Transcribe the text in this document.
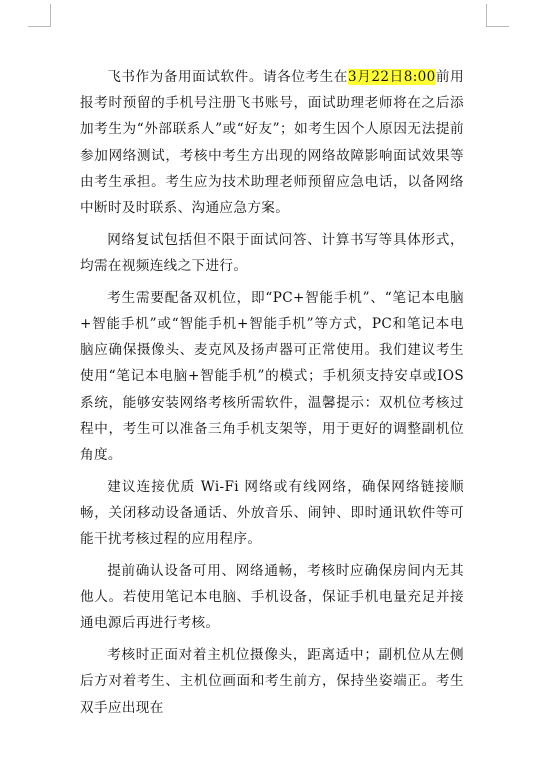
飞书作为备用面试软件。请各位考生在3月22日8:00前用报考时预留的手机号注册飞书账号，面试助理老师将在之后添加考生为“外部联系人”或“好友”；如考生因个人原因无法提前参加网络测试，考核中考生方出现的网络故障影响面试效果等由考生承担。考生应为技术助理老师预留应急电话，以备网络中断时及时联系、沟通应急方案。

网络复试包括但不限于面试问答、计算书写等具体形式，均需在视频连线之下进行。

考生需要配备双机位，即“PC+智能手机”、“笔记本电脑+智能手机”或“智能手机+智能手机”等方式，PC和笔记本电脑应确保摄像头、麦克风及扬声器可正常使用。我们建议考生使用“笔记本电脑+智能手机”的模式；手机须支持安卓或IOS系统，能够安装网络考核所需软件，温馨提示：双机位考核过程中，考生可以准备三角手机支架等，用于更好的调整副机位角度。

建议连接优质 Wi-Fi 网络或有线网络，确保网络链接顺畅，关闭移动设备通话、外放音乐、闹钟、即时通讯软件等可能干扰考核过程的应用程序。

提前确认设备可用、网络通畅，考核时应确保房间内无其他人。若使用笔记本电脑、手机设备，保证手机电量充足并接通电源后再进行考核。

考核时正面对着主机位摄像头，距离适中；副机位从左侧后方对着考生、主机位画面和考生前方，保持坐姿端正。考生双手应出现在
